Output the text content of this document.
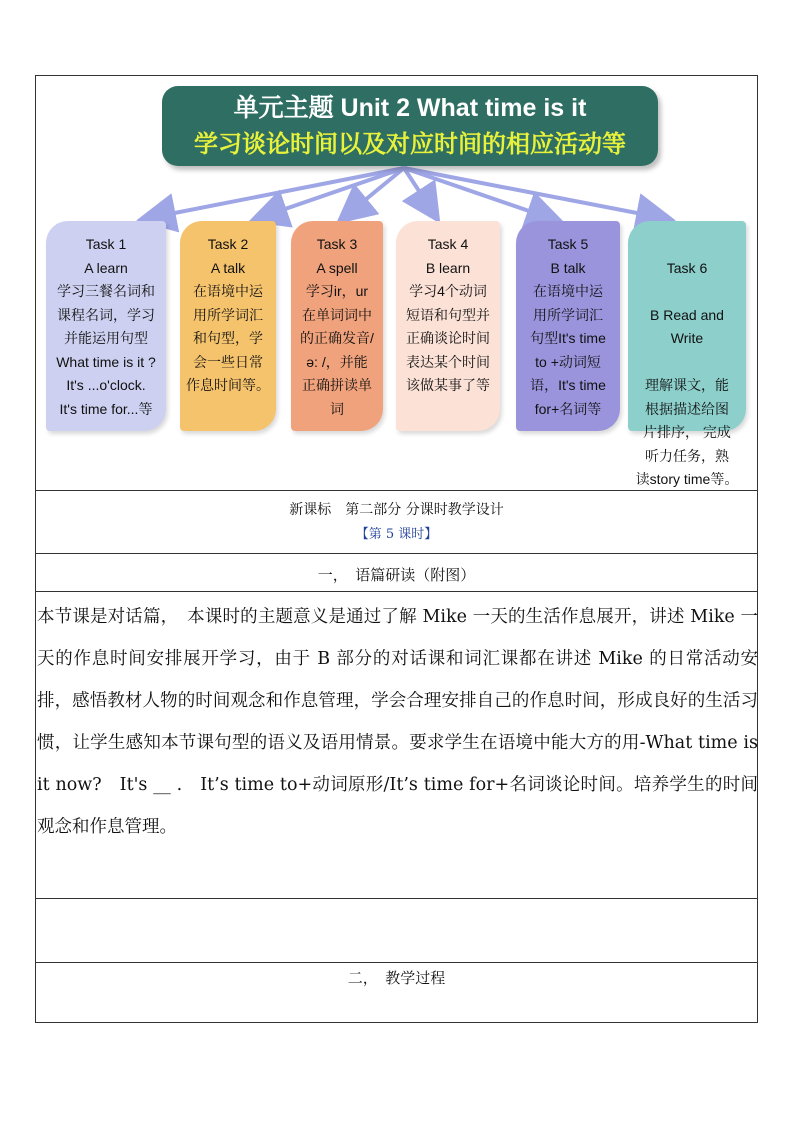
单元主题 Unit 2 What time is it
学习谈论时间以及对应时间的相应活动等
Task 1
A learn
学习三餐名词和
课程名词，学习
并能运用句型
What time is it ?
It's ...o'clock.
It's time for...等
Task 2
A talk
在语境中运
用所学词汇
和句型，学
会一些日常
作息时间等。
Task 3
A spell
学习ir，ur
在单词词中
的正确发音/
ə: /，并能
正确拼读单
词
Task 4
B learn
学习4个动词
短语和句型并
正确谈论时间
表达某个时间
该做某事了等
Task 5
B talk
在语境中运
用所学词汇
句型It's time
to +动词短
语，It's time
for+名词等

Task 6

B Read and
Write

理解课文，能
根据描述给图
片排序， 完成
听力任务，熟
读story time等。

新课标　第二部分 分课时教学设计
【第 5 课时】
一，　语篇研读（附图）
本节课是对话篇，　本课时的主题意义是通过了解 Mike 一天的生活作息展开，讲述 Mike 一天的作息时间安排展开学习，由于 B 部分的对话课和词汇课都在讲述 Mike 的日常活动安排，感悟教材人物的时间观念和作息管理，学会合理安排自己的作息时间，形成良好的生活习惯，让学生感知本节课句型的语义及语用情景。要求学生在语境中能大方的用-What time is it now?　It's __ .　It’s time to+动词原形/It’s time for+名词谈论时间。培养学生的时间观念和作息管理。
二，　教学过程
